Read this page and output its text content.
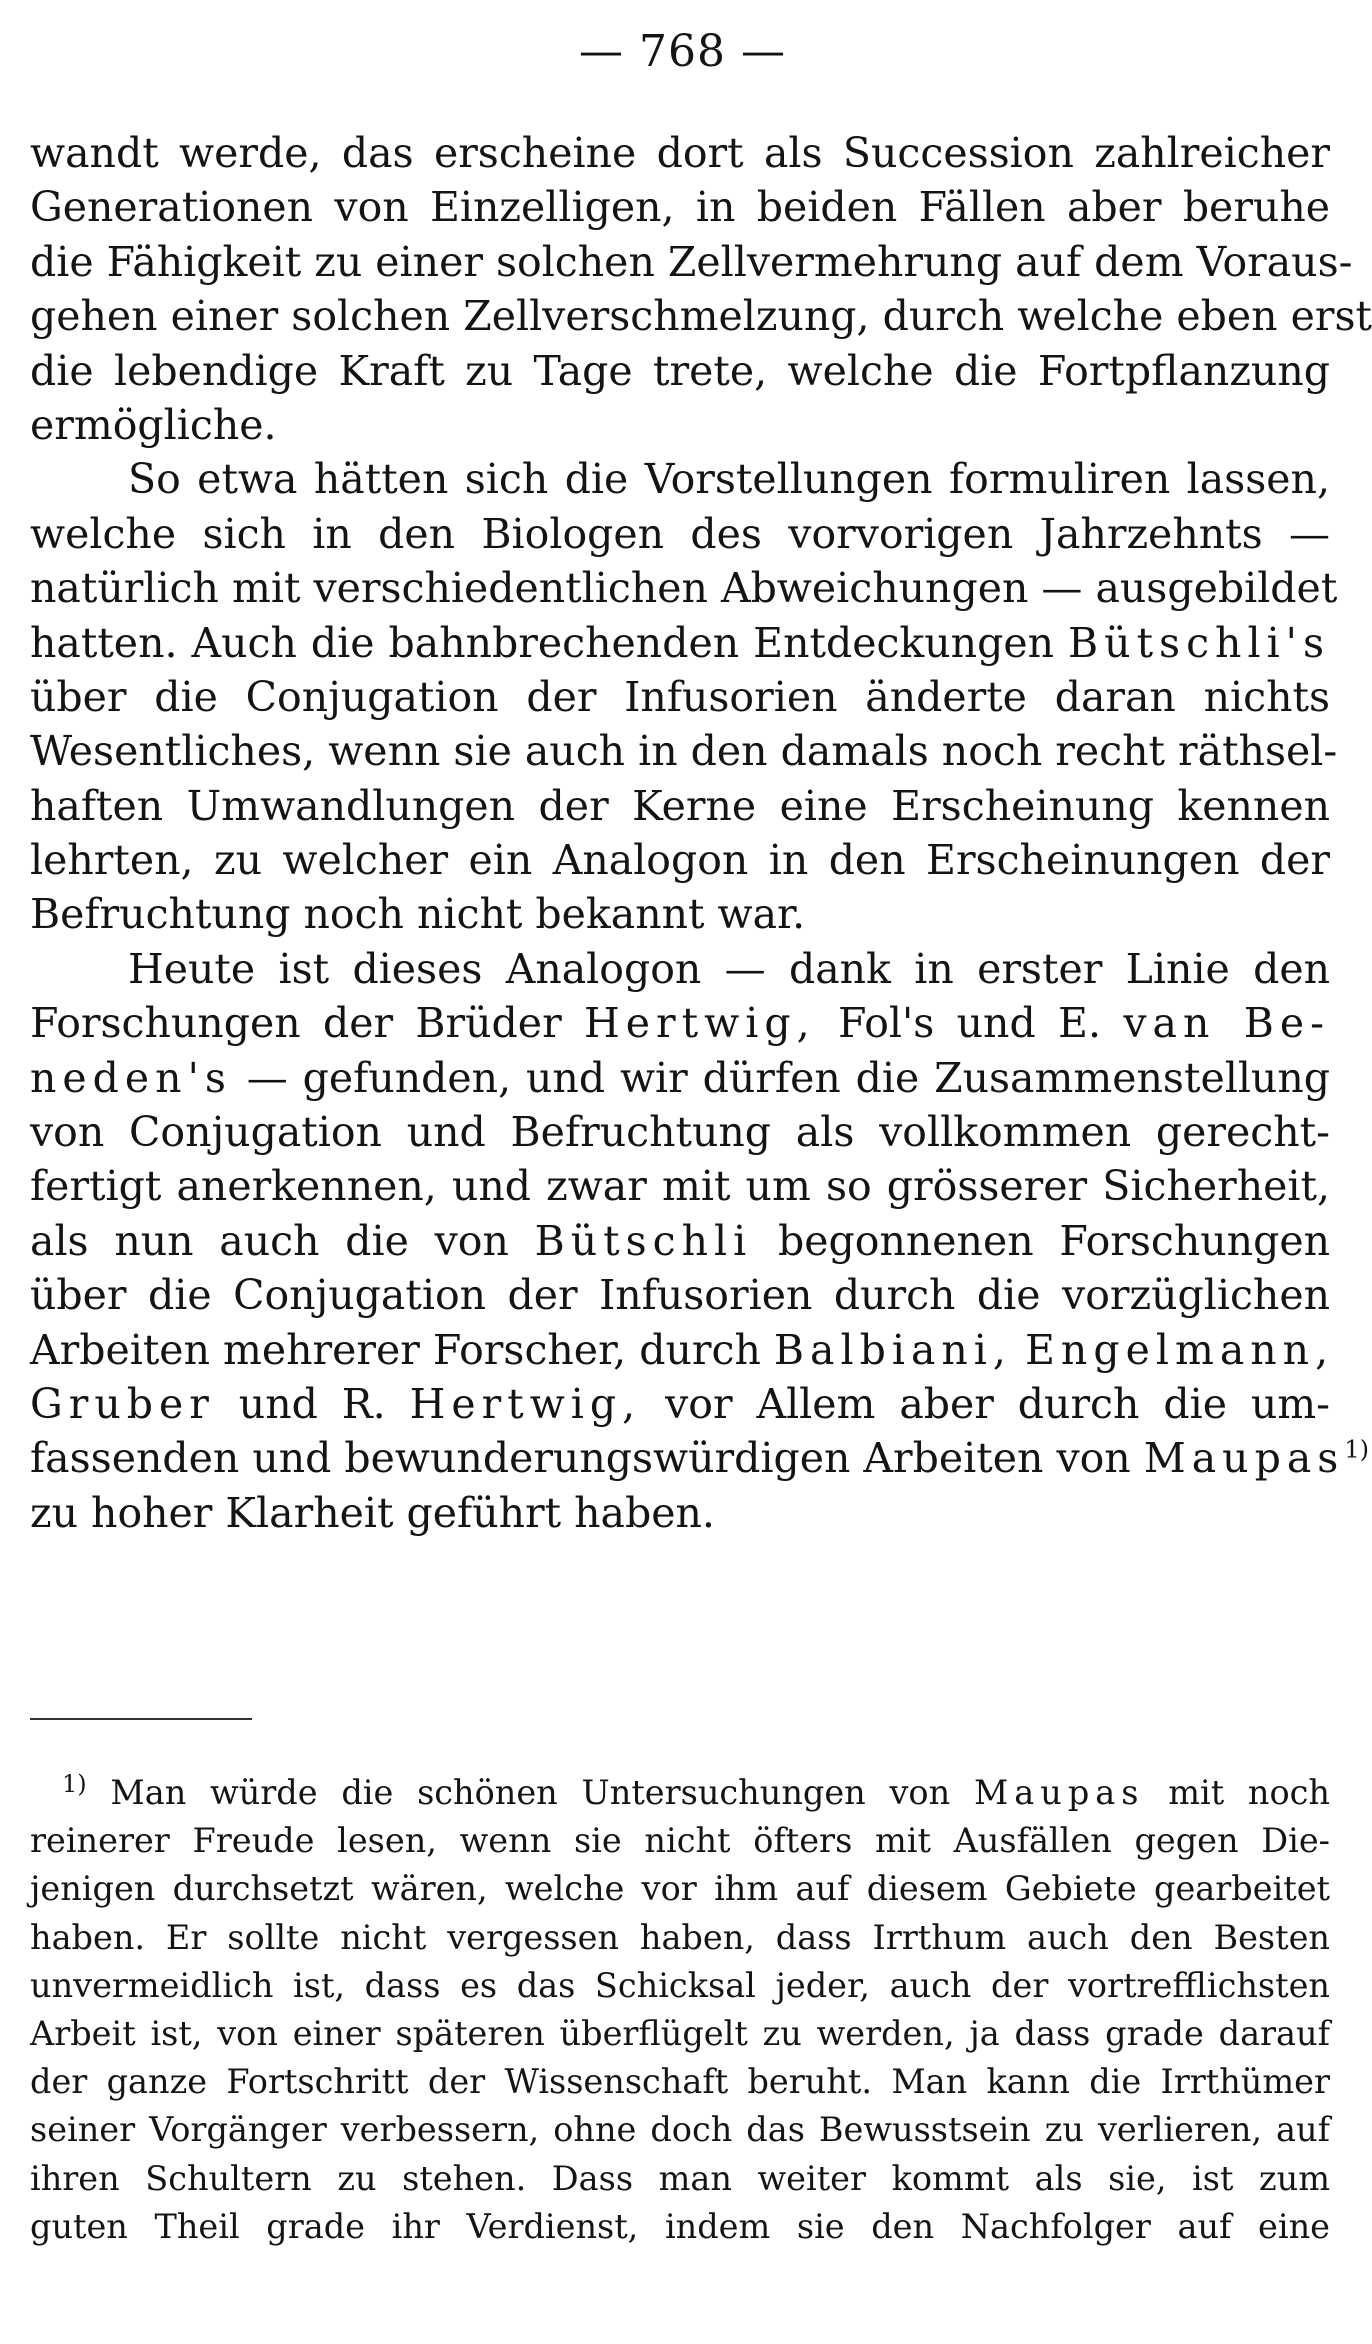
— 768 —
wandt werde, das erscheine dort als Succession zahlreicher
Generationen von Einzelligen, in beiden Fällen aber beruhe
die Fähigkeit zu einer solchen Zellvermehrung auf dem Voraus-
gehen einer solchen Zellverschmelzung, durch welche eben erst
die lebendige Kraft zu Tage trete, welche die Fortpflanzung
ermögliche.
So etwa hätten sich die Vorstellungen formuliren lassen,
welche sich in den Biologen des vorvorigen Jahrzehnts —
natürlich mit verschiedentlichen Abweichungen — ausgebildet
hatten. Auch die bahnbrechenden Entdeckungen Bütschli's
über die Conjugation der Infusorien änderte daran nichts
Wesentliches, wenn sie auch in den damals noch recht räthsel-
haften Umwandlungen der Kerne eine Erscheinung kennen
lehrten, zu welcher ein Analogon in den Erscheinungen der
Befruchtung noch nicht bekannt war.
Heute ist dieses Analogon — dank in erster Linie den
Forschungen der Brüder Hertwig, Fol's und E. van Be-
neden's — gefunden, und wir dürfen die Zusammenstellung
von Conjugation und Befruchtung als vollkommen gerecht-
fertigt anerkennen, und zwar mit um so grösserer Sicherheit,
als nun auch die von Bütschli begonnenen Forschungen
über die Conjugation der Infusorien durch die vorzüglichen
Arbeiten mehrerer Forscher, durch Balbiani, Engelmann,
Gruber und R. Hertwig, vor Allem aber durch die um-
fassenden und bewunderungswürdigen Arbeiten von Maupas$^{1)}$
zu hoher Klarheit geführt haben.
$^{1)}$ Man würde die schönen Untersuchungen von Maupas mit noch
reinerer Freude lesen, wenn sie nicht öfters mit Ausfällen gegen Die-
jenigen durchsetzt wären, welche vor ihm auf diesem Gebiete gearbeitet
haben. Er sollte nicht vergessen haben, dass Irrthum auch den Besten
unvermeidlich ist, dass es das Schicksal jeder, auch der vortrefflichsten
Arbeit ist, von einer späteren überflügelt zu werden, ja dass grade darauf
der ganze Fortschritt der Wissenschaft beruht. Man kann die Irrthümer
seiner Vorgänger verbessern, ohne doch das Bewusstsein zu verlieren, auf
ihren Schultern zu stehen. Dass man weiter kommt als sie, ist zum
guten Theil grade ihr Verdienst, indem sie den Nachfolger auf eine
